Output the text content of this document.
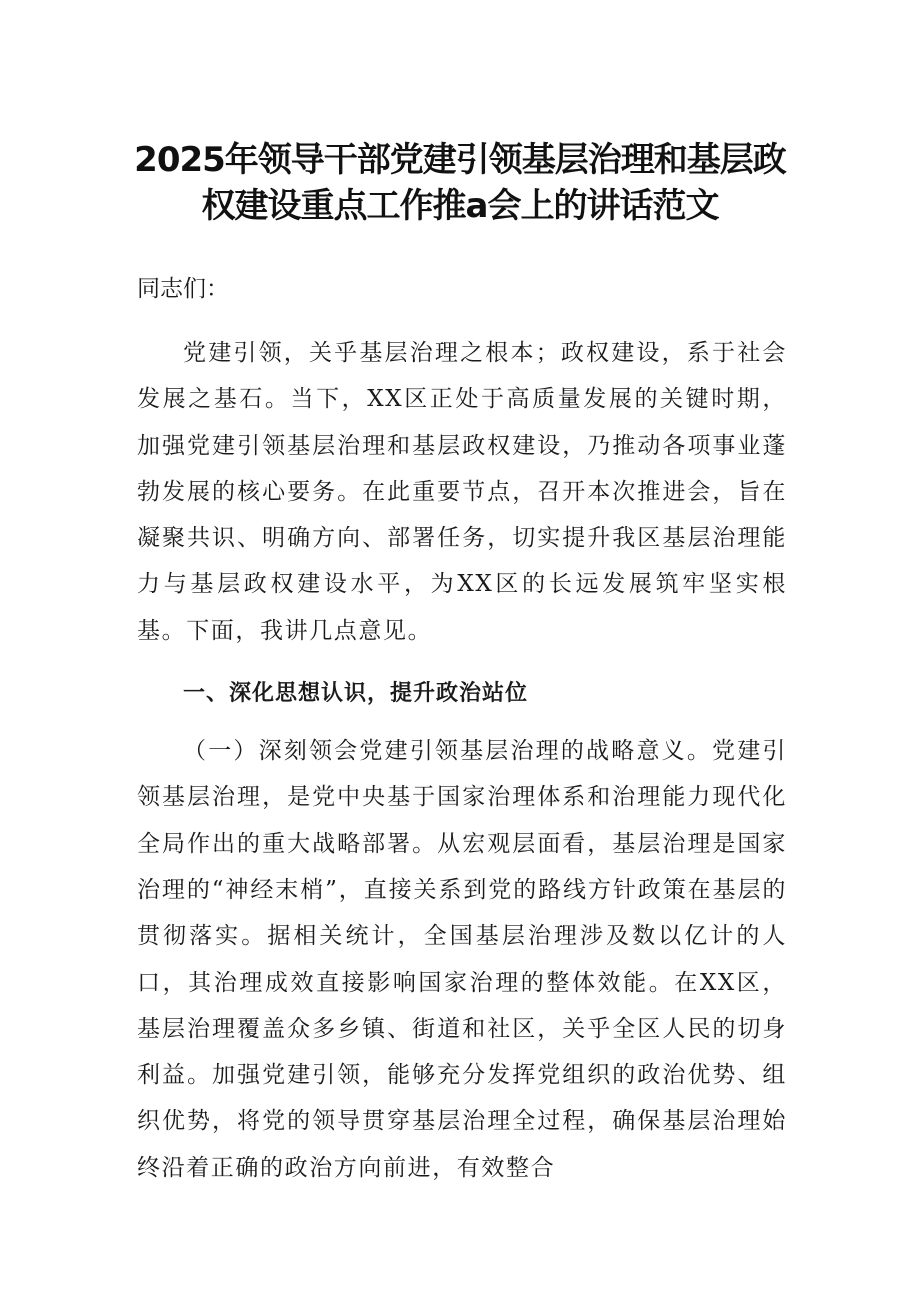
2025年领导干部党建引领基层治理和基层政
权建设重点工作推a会上的讲话范文

同志们：

党建引领，关乎基层治理之根本；政权建设，系于社会发展之基石。当下，XX区正处于高质量发展的关键时期，加强党建引领基层治理和基层政权建设，乃推动各项事业蓬勃发展的核心要务。在此重要节点，召开本次推进会，旨在凝聚共识、明确方向、部署任务，切实提升我区基层治理能力与基层政权建设水平，为XX区的长远发展筑牢坚实根基。下面，我讲几点意见。

一、深化思想认识，提升政治站位

（一）深刻领会党建引领基层治理的战略意义。党建引领基层治理，是党中央基于国家治理体系和治理能力现代化全局作出的重大战略部署。从宏观层面看，基层治理是国家治理的“神经末梢”，直接关系到党的路线方针政策在基层的贯彻落实。据相关统计，全国基层治理涉及数以亿计的人口，其治理成效直接影响国家治理的整体效能。在XX区，基层治理覆盖众多乡镇、街道和社区，关乎全区人民的切身利益。加强党建引领，能够充分发挥党组织的政治优势、组织优势，将党的领导贯穿基层治理全过程，确保基层治理始终沿着正确的政治方向前进，有效整合
